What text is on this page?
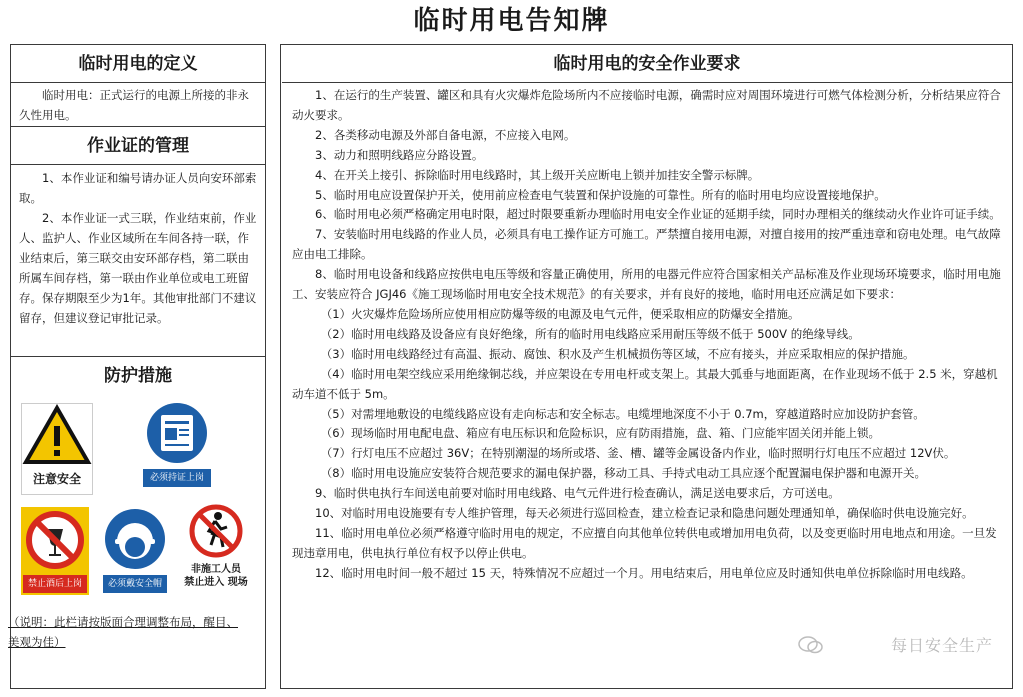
临时用电告知牌
临时用电的定义

临时用电：正式运行的电源上所接的非永久性用电。

作业证的管理

1、本作业证和编号请办证人员向安环部索取。

2、本作业证一式三联，作业结束前，作业人、监护人、作业区域所在车间各持一联，作业结束后，第三联交由安环部存档，第二联由所属车间存档，第一联由作业单位或电工班留存。保存期限至少为1年。其他审批部门不建议留存，但建议登记审批记录。

防护措施
注意安全	必须持证上岗
禁止酒后上岗	必须戴安全帽
非施工人员
禁止进入 现场
（说明：此栏请按版面合理调整布局，醒目、美观为佳）
临时用电的安全作业要求

1、在运行的生产装置、罐区和具有火灾爆炸危险场所内不应接临时电源，确需时应对周围环境进行可燃气体检测分析，分析结果应符合动火要求。

2、各类移动电源及外部自备电源，不应接入电网。

3、动力和照明线路应分路设置。

4、在开关上接引、拆除临时用电线路时，其上级开关应断电上锁并加挂安全警示标牌。

5、临时用电应设置保护开关，使用前应检查电气装置和保护设施的可靠性。所有的临时用电均应设置接地保护。

6、临时用电必须严格确定用电时限，超过时限要重新办理临时用电安全作业证的延期手续，同时办理相关的继续动火作业许可证手续。

7、安装临时用电线路的作业人员，必须具有电工操作证方可施工。严禁擅自接用电源，对擅自接用的按严重违章和窃电处理。电气故障应由电工排除。

8、临时用电设备和线路应按供电电压等级和容量正确使用，所用的电器元件应符合国家相关产品标准及作业现场环境要求，临时用电施工、安装应符合 JGJ46《施工现场临时用电安全技术规范》的有关要求，并有良好的接地，临时用电还应满足如下要求：

（1）火灾爆炸危险场所应使用相应防爆等级的电源及电气元件，便采取相应的防爆安全措施。

（2）临时用电线路及设备应有良好绝缘，所有的临时用电线路应采用耐压等级不低于 500V 的绝缘导线。

（3）临时用电线路经过有高温、振动、腐蚀、积水及产生机械损伤等区域，不应有接头，并应采取相应的保护措施。

（4）临时用电架空线应采用绝缘铜芯线，并应架设在专用电杆或支架上。其最大弧垂与地面距离，在作业现场不低于 2.5 米，穿越机动车道不低于 5m。

（5）对需埋地敷设的电缆线路应设有走向标志和安全标志。电缆埋地深度不小于 0.7m，穿越道路时应加设防护套管。

（6）现场临时用电配电盘、箱应有电压标识和危险标识，应有防雨措施，盘、箱、门应能牢固关闭并能上锁。

（7）行灯电压不应超过 36V；在特别潮湿的场所或塔、釜、槽、罐等金属设备内作业，临时照明行灯电压不应超过 12V伏。

（8）临时用电设施应安装符合规范要求的漏电保护器，移动工具、手持式电动工具应逐个配置漏电保护器和电源开关。

9、临时供电执行车间送电前要对临时用电线路、电气元件进行检查确认，满足送电要求后，方可送电。

10、对临时用电设施要有专人维护管理，每天必须进行巡回检查，建立检查记录和隐患问题处理通知单，确保临时供电设施完好。

11、临时用电单位必须严格遵守临时用电的规定，不应擅自向其他单位转供电或增加用电负荷，以及变更临时用电地点和用途。一旦发现违章用电，供电执行单位有权予以停止供电。

12、临时用电时间一般不超过 15 天，特殊情况不应超过一个月。用电结束后，用电单位应及时通知供电单位拆除临时用电线路。

每日安全生产
